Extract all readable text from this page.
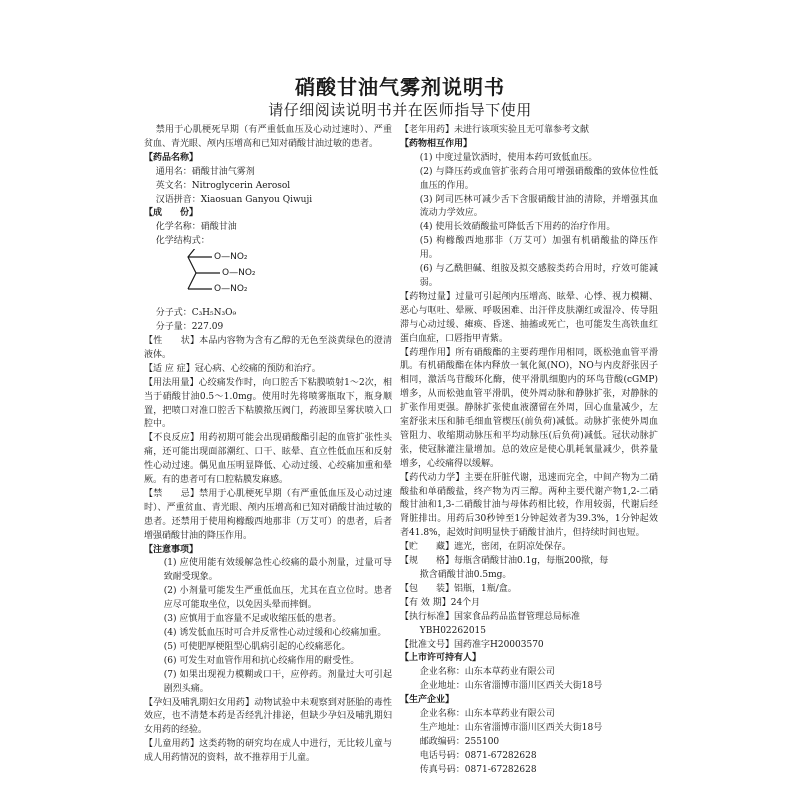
硝酸甘油气雾剂说明书
请仔细阅读说明书并在医师指导下使用
禁用于心肌梗死早期（有严重低血压及心动过速时）、严重贫血、青光眼、颅内压增高和已知对硝酸甘油过敏的患者。
【药品名称】
通用名：硝酸甘油气雾剂
英文名：Nitroglycerin Aerosol
汉语拼音：Xiaosuan Ganyou Qiwuji
【成　　份】
化学名称：硝酸甘油
化学结构式：
O—NO₂
O—NO₂
O—NO₂
分子式：C₃H₅N₃O₉
分子量：227.09
【性　　状】本品内容物为含有乙醇的无色至淡黄绿色的澄清液体。
【适 应 症】冠心病、心绞痛的预防和治疗。
【用法用量】心绞痛发作时，向口腔舌下粘膜喷射1～2次，相当于硝酸甘油0.5～1.0mg。使用时先将喷雾瓶取下，瓶身顺置，把喷口对准口腔舌下粘膜揿压阀门，药液即呈雾状喷入口腔中。
【不良反应】用药初期可能会出现硝酸酯引起的血管扩张性头痛，还可能出现面部潮红、口干、眩晕、直立性低血压和反射性心动过速。偶见血压明显降低、心动过缓、心绞痛加重和晕厥。有的患者可有口腔粘膜发麻感。
【禁　　忌】禁用于心肌梗死早期（有严重低血压及心动过速时）、严重贫血、青光眼、颅内压增高和已知对硝酸甘油过敏的患者。还禁用于使用枸橼酸西地那非（万艾可）的患者，后者增强硝酸甘油的降压作用。
【注意事项】
(1) 应使用能有效缓解急性心绞痛的最小剂量，过量可导致耐受现象。
(2) 小剂量可能发生严重低血压，尤其在直立位时。患者应尽可能取坐位，以免因头晕而摔倒。
(3) 应慎用于血容量不足或收缩压低的患者。
(4) 诱发低血压时可合并反常性心动过缓和心绞痛加重。
(5) 可使肥厚梗阻型心肌病引起的心绞痛恶化。
(6) 可发生对血管作用和抗心绞痛作用的耐受性。
(7) 如果出现视力模糊或口干，应停药。剂量过大可引起剧烈头痛。
【孕妇及哺乳期妇女用药】动物试验中未观察到对胚胎的毒性效应，也不清楚本药是否经乳汁排泌，但缺少孕妇及哺乳期妇女用药的经验。
【儿童用药】这类药物的研究均在成人中进行，无比较儿童与成人用药情况的资料，故不推荐用于儿童。
【老年用药】未进行该项实验且无可靠参考文献
【药物相互作用】
(1) 中度过量饮酒时，使用本药可致低血压。
(2) 与降压药或血管扩张药合用可增强硝酸酯的致体位性低血压的作用。
(3) 阿司匹林可减少舌下含服硝酸甘油的清除，并增强其血流动力学效应。
(4) 使用长效硝酸盐可降低舌下用药的治疗作用。
(5) 枸橼酸西地那非（万艾可）加强有机硝酸盐的降压作用。
(6) 与乙酰胆碱、组胺及拟交感胺类药合用时，疗效可能减弱。
【药物过量】过量可引起颅内压增高、眩晕、心悸、视力模糊、恶心与呕吐、晕厥、呼吸困难、出汗伴皮肤潮红或湿冷、传导阻滞与心动过缓、瘫痪、昏迷、抽搐或死亡，也可能发生高铁血红蛋白血症，口唇指甲青紫。
【药理作用】所有硝酸酯的主要药理作用相同，既松弛血管平滑肌。有机硝酸酯在体内释放一氧化氮(NO)，NO与内皮舒张因子相同，激活鸟苷酸环化酶，使平滑肌细胞内的环鸟苷酸(cGMP)增多，从而松弛血管平滑肌，使外周动脉和静脉扩张，对静脉的扩张作用更强。静脉扩张使血液潴留在外周，回心血量减少，左室舒张末压和肺毛细血管楔压(前负荷)减低。动脉扩张使外周血管阻力、收缩期动脉压和平均动脉压(后负荷)减低。冠状动脉扩张，使冠脉灌注量增加。总的效应是使心肌耗氧量减少，供养量增多，心绞痛得以缓解。
【药代动力学】主要在肝脏代谢，迅速而完全，中间产物为二硝酸盐和单硝酸盐，终产物为丙三醇。两种主要代谢产物1,2-二硝酸甘油和1,3-二硝酸甘油与母体药相比较，作用较弱，代谢后经肾脏排出。用药后30秒钟至1分钟起效者为39.3%，1分钟起效者41.8%，起效时间明显快于硝酸甘油片，但持续时间也短。
【贮　　藏】遮光，密闭，在阴凉处保存。
【规　　格】每瓶含硝酸甘油0.1g，每瓶200揿，每
揿含硝酸甘油0.5mg。
【包　　装】铝瓶，1瓶/盒。
【有 效 期】24个月
【执行标准】国家食品药品监督管理总局标准
YBH02262015
【批准文号】国药准字H20003570
【上市许可持有人】
企业名称：山东本草药业有限公司
企业地址：山东省淄博市淄川区西关大街18号
【生产企业】
企业名称：山东本草药业有限公司
生产地址：山东省淄博市淄川区西关大街18号
邮政编码：255100
电话号码：0871-67282628
传真号码：0871-67282628
